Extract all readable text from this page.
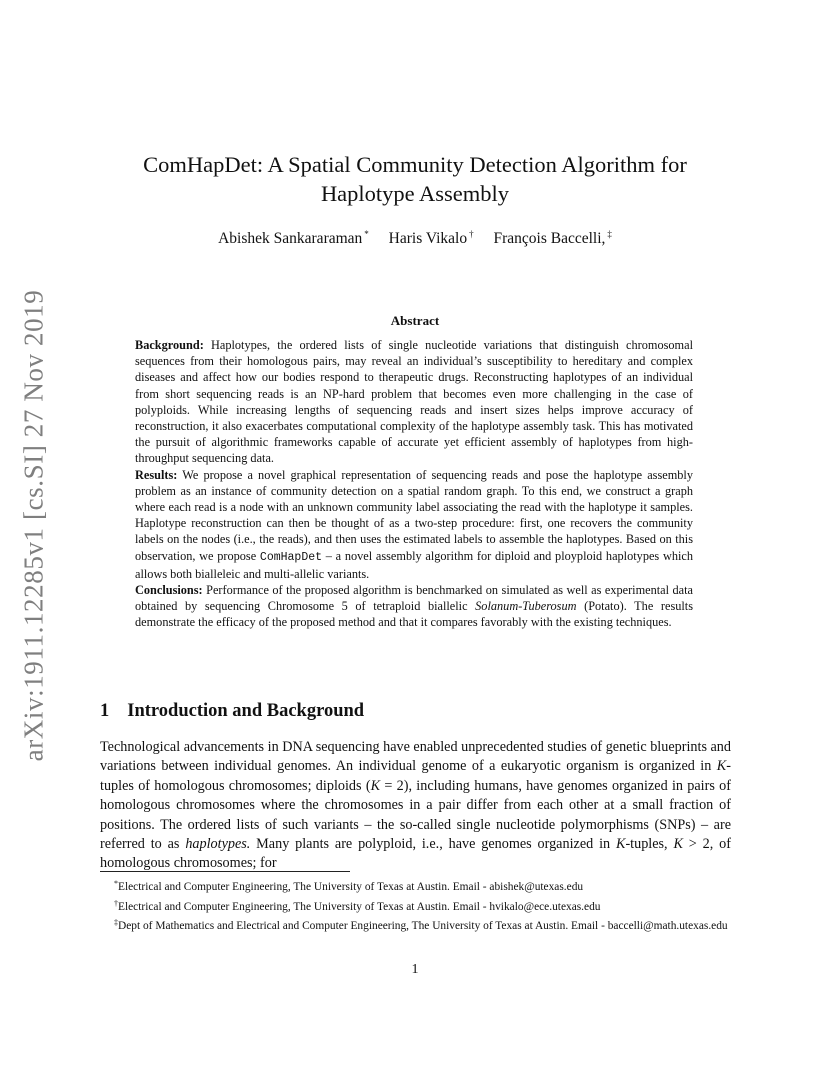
arXiv:1911.12285v1 [cs.SI] 27 Nov 2019
ComHapDet: A Spatial Community Detection Algorithm for
Haplotype Assembly
Abishek Sankararaman * Haris Vikalo † François Baccelli, ‡
Abstract

Background: Haplotypes, the ordered lists of single nucleotide variations that distinguish chromosomal sequences from their homologous pairs, may reveal an individual’s susceptibility to hereditary and complex diseases and affect how our bodies respond to therapeutic drugs. Reconstructing haplotypes of an individual from short sequencing reads is an NP-hard problem that becomes even more challenging in the case of polyploids. While increasing lengths of sequencing reads and insert sizes helps improve accuracy of reconstruction, it also exacerbates computational complexity of the haplotype assembly task. This has motivated the pursuit of algorithmic frameworks capable of accurate yet efficient assembly of haplotypes from high-throughput sequencing data.

Results: We propose a novel graphical representation of sequencing reads and pose the haplotype assembly problem as an instance of community detection on a spatial random graph. To this end, we construct a graph where each read is a node with an unknown community label associating the read with the haplotype it samples. Haplotype reconstruction can then be thought of as a two-step procedure: first, one recovers the community labels on the nodes (i.e., the reads), and then uses the estimated labels to assemble the haplotypes. Based on this observation, we propose ComHapDet – a novel assembly algorithm for diploid and ployploid haplotypes which allows both bialleleic and multi-allelic variants.

Conclusions: Performance of the proposed algorithm is benchmarked on simulated as well as experimental data obtained by sequencing Chromosome 5 of tetraploid biallelic Solanum-Tuberosum (Potato). The results demonstrate the efficacy of the proposed method and that it compares favorably with the existing techniques.

1 Introduction and Background

Technological advancements in DNA sequencing have enabled unprecedented studies of genetic blueprints and variations between individual genomes. An individual genome of a eukaryotic organism is organized in K-tuples of homologous chromosomes; diploids (K = 2), including humans, have genomes organized in pairs of homologous chromosomes where the chromosomes in a pair differ from each other at a small fraction of positions. The ordered lists of such variants – the so-called single nucleotide polymorphisms (SNPs) – are referred to as haplotypes. Many plants are polyploid, i.e., have genomes organized in K-tuples, K > 2, of homologous chromosomes; for

*Electrical and Computer Engineering, The University of Texas at Austin. Email - abishek@utexas.edu

†Electrical and Computer Engineering, The University of Texas at Austin. Email - hvikalo@ece.utexas.edu

‡Dept of Mathematics and Electrical and Computer Engineering, The University of Texas at Austin. Email - baccelli@math.utexas.edu

1
